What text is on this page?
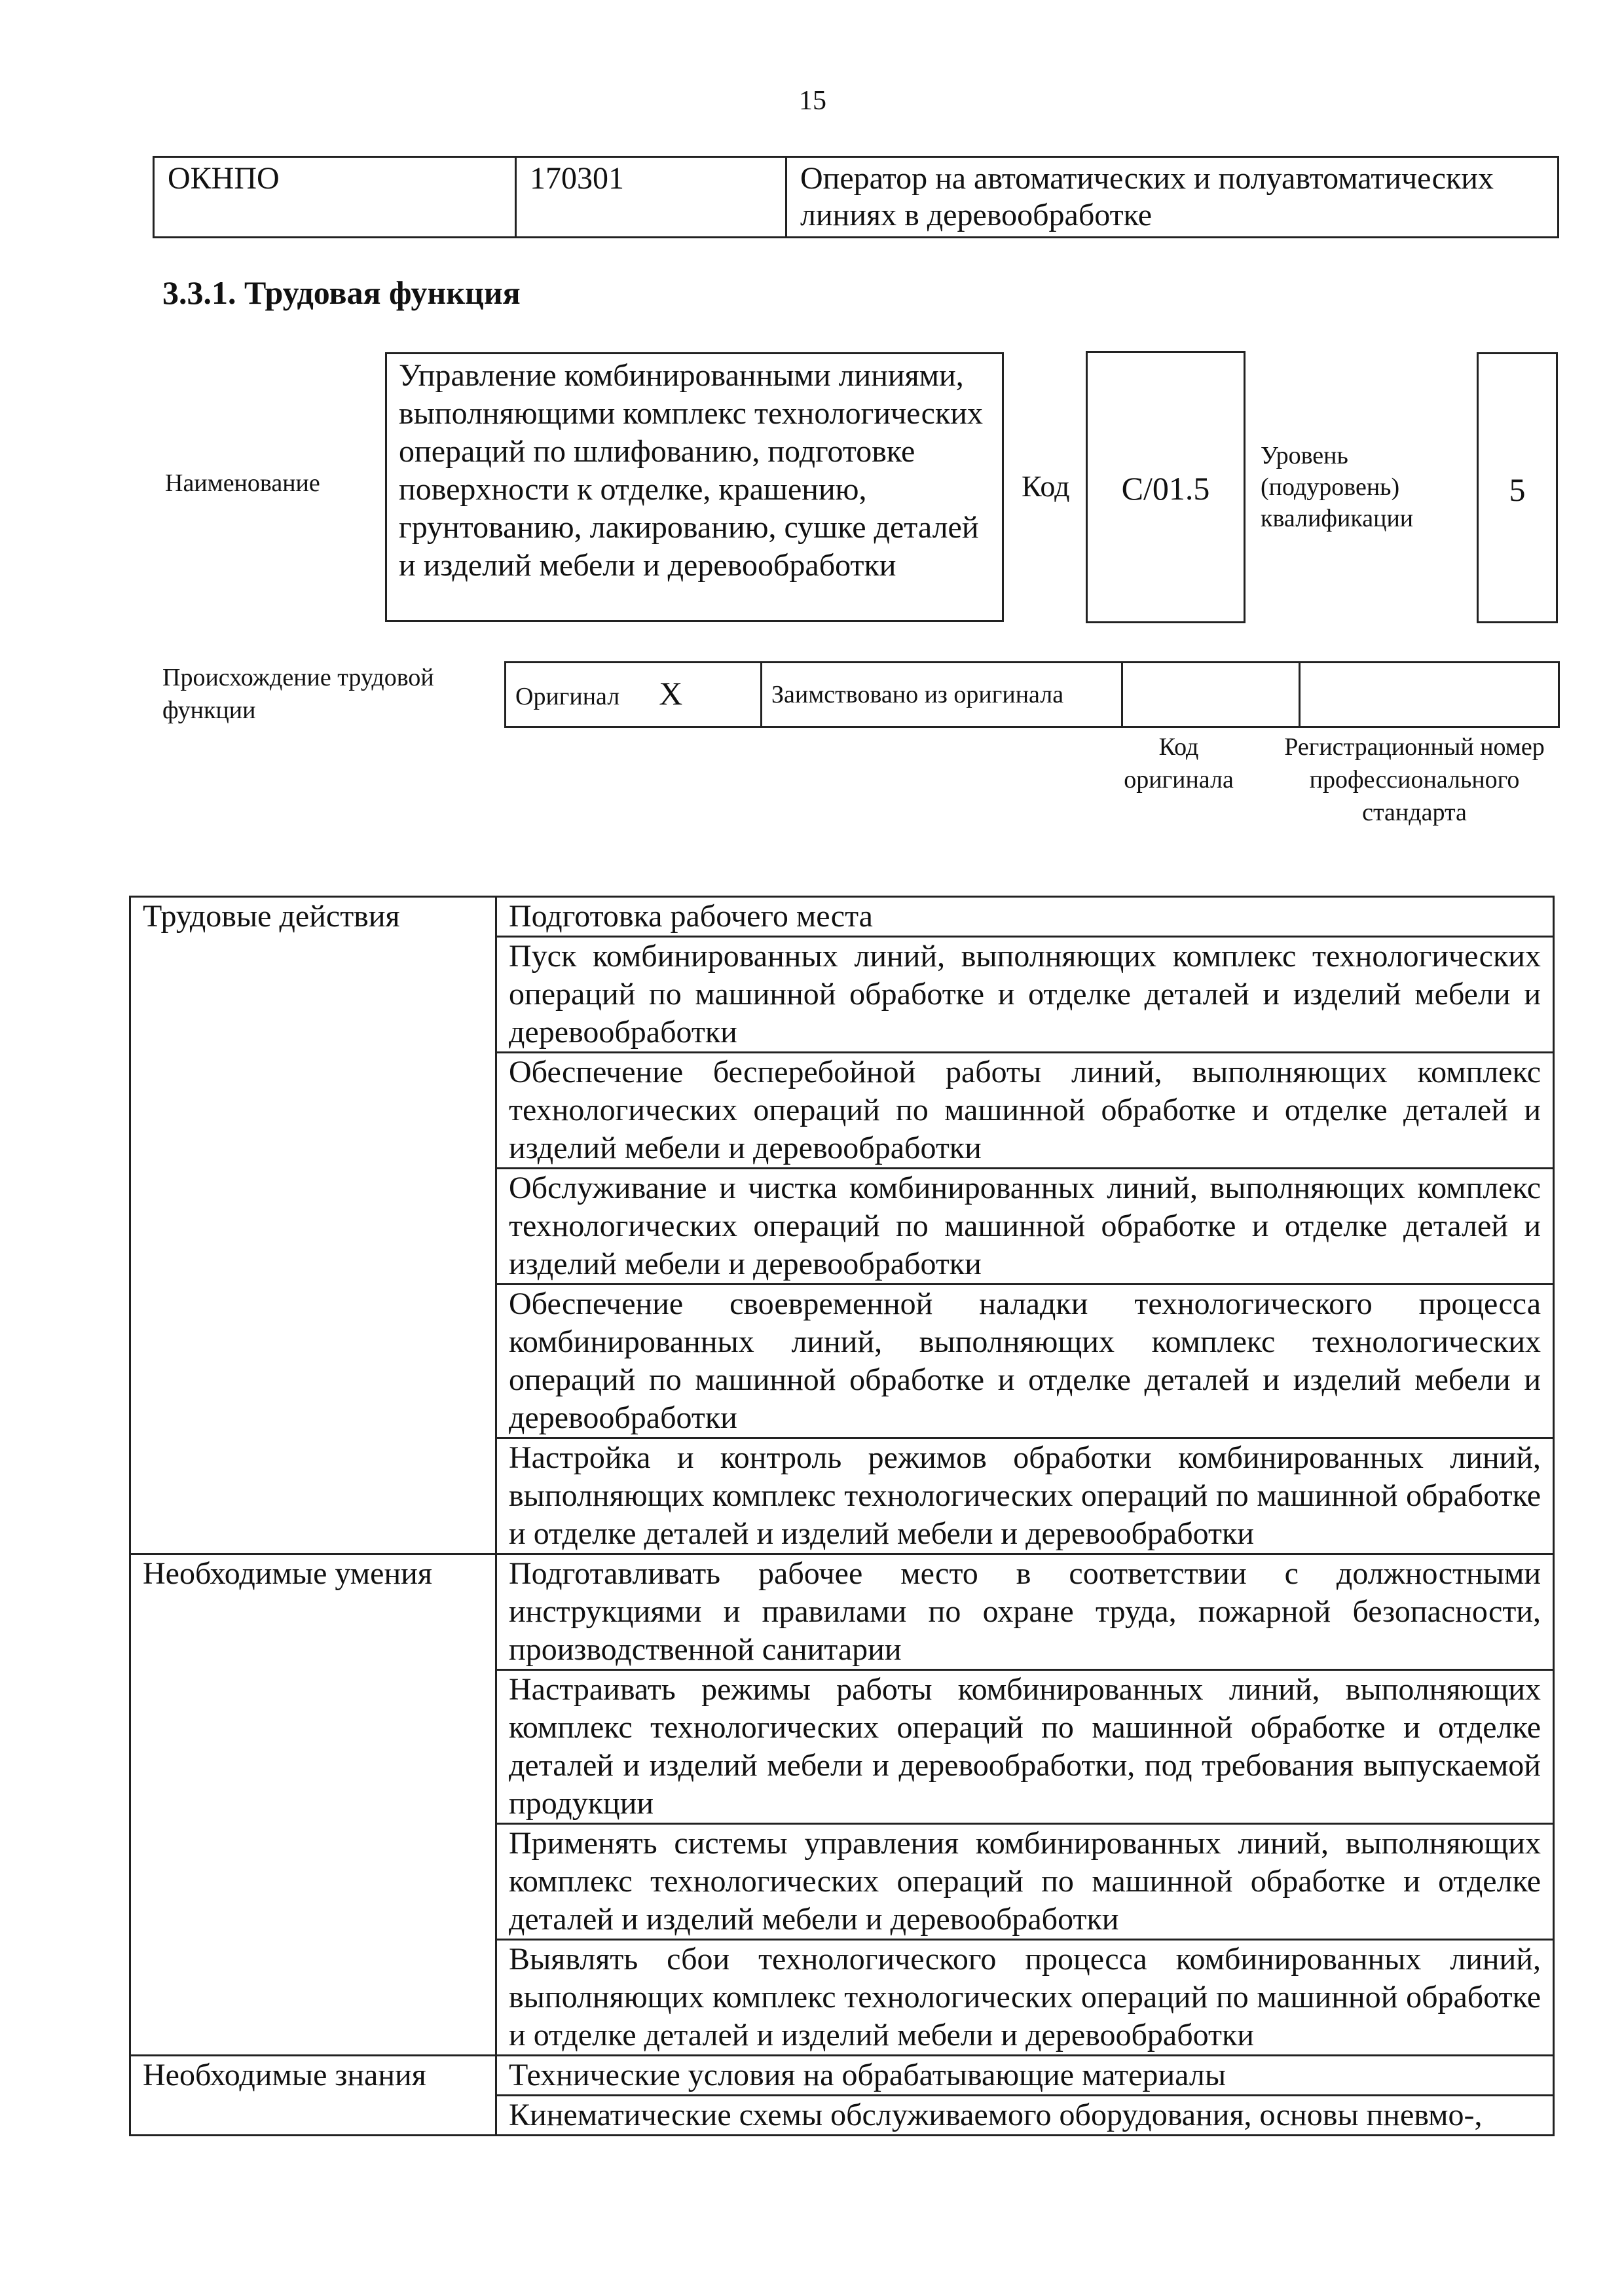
15
ОКНПО	170301	Оператор на автоматических и полуавтоматических линиях в деревообработке
3.3.1. Трудовая функция
Наименование
Управление комбинированными линиями, выполняющими комплекс технологических операций по шлифованию, подготовке поверхности к отделке, крашению, грунтованию, лакированию, сушке деталей и изделий мебели и деревообработки
Код	C/01.5
Уровень (подуровень) квалификации
5
Происхождение трудовой функции
Оригинал X	Заимствовано из оригинала		
Код оригинала
Регистрационный номер профессионального стандарта
Трудовые действия	Подготовка рабочего места
	Пуск комбинированных линий, выполняющих комплекс технологических операций по машинной обработке и отделке деталей и изделий мебели и деревообработки
	Обеспечение бесперебойной работы линий, выполняющих комплекс технологических операций по машинной обработке и отделке деталей и изделий мебели и деревообработки
	Обслуживание и чистка комбинированных линий, выполняющих комплекс технологических операций по машинной обработке и отделке деталей и изделий мебели и деревообработки
	Обеспечение своевременной наладки технологического процесса комбинированных линий, выполняющих комплекс технологических операций по машинной обработке и отделке деталей и изделий мебели и деревообработки
	Настройка и контроль режимов обработки комбинированных линий, выполняющих комплекс технологических операций по машинной обработке и отделке деталей и изделий мебели и деревообработки
Необходимые умения	Подготавливать рабочее место в соответствии с должностными инструкциями и правилами по охране труда, пожарной безопасности, производственной санитарии
	Настраивать режимы работы комбинированных линий, выполняющих комплекс технологических операций по машинной обработке и отделке деталей и изделий мебели и деревообработки, под требования выпускаемой продукции
	Применять системы управления комбинированных линий, выполняющих комплекс технологических операций по машинной обработке и отделке деталей и изделий мебели и деревообработки
	Выявлять сбои технологического процесса комбинированных линий, выполняющих комплекс технологических операций по машинной обработке и отделке деталей и изделий мебели и деревообработки
Необходимые знания	Технические условия на обрабатывающие материалы
	Кинематические схемы обслуживаемого оборудования, основы пневмо-,
